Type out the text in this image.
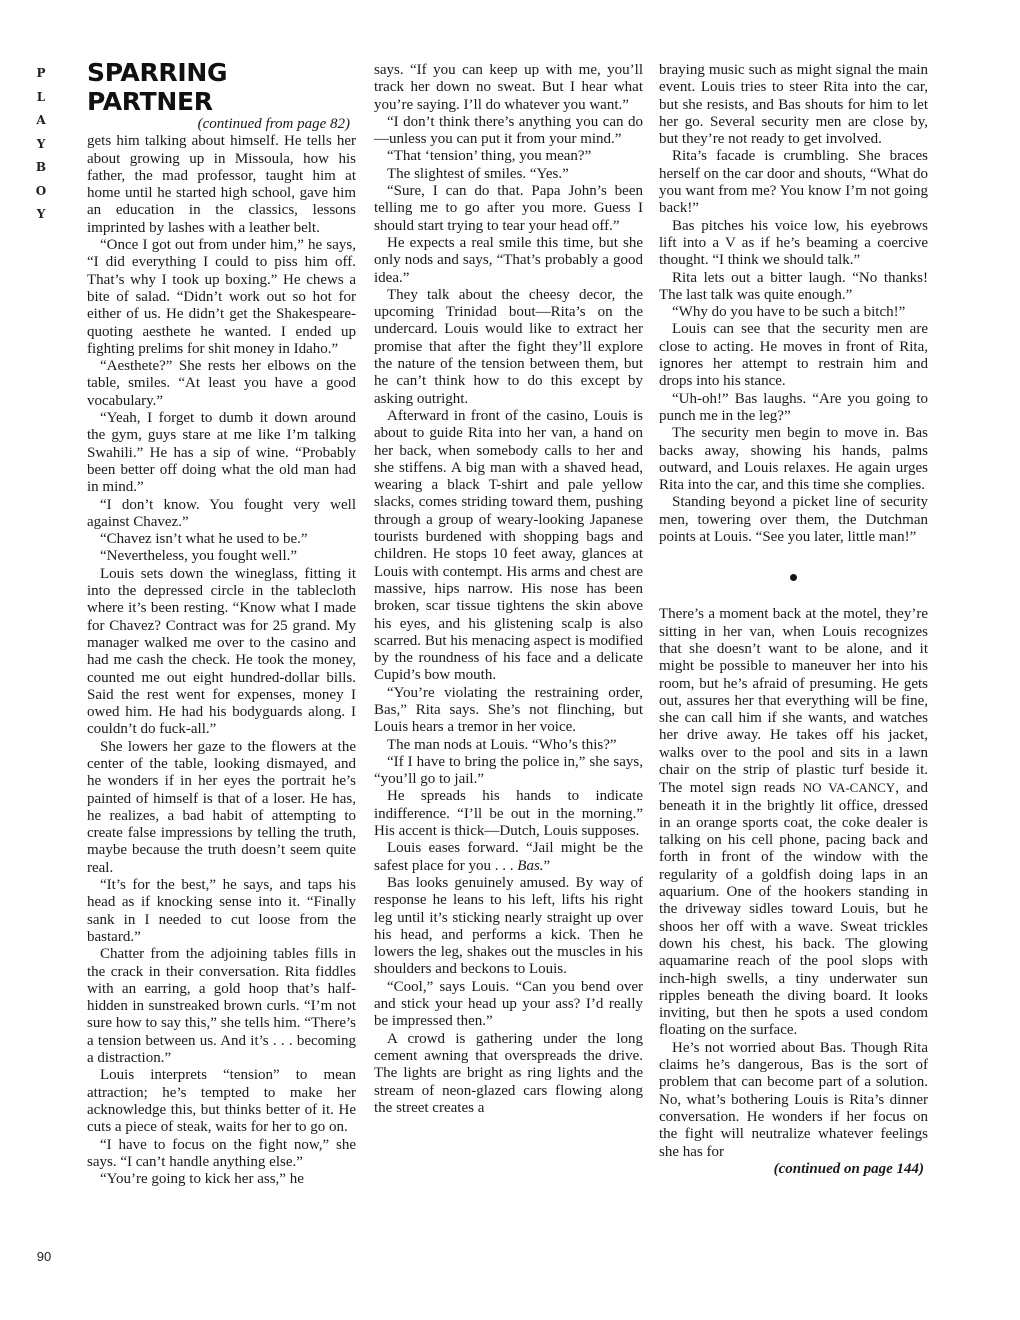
P
L
A
Y
B
O
Y
90
SPARRING PARTNER
(continued from page 82)

gets him talking about himself. He tells her about growing up in Missoula, how his father, the mad professor, taught him at home until he started high school, gave him an education in the classics, lessons imprinted by lashes with a leather belt.

“Once I got out from under him,” he says, “I did everything I could to piss him off. That’s why I took up boxing.” He chews a bite of salad. “Didn’t work out so hot for either of us. He didn’t get the Shakespeare-quoting aesthete he wanted. I ended up fighting prelims for shit money in Idaho.”

“Aesthete?” She rests her elbows on the table, smiles. “At least you have a good vocabulary.”

“Yeah, I forget to dumb it down around the gym, guys stare at me like I’m talking Swahili.” He has a sip of wine. “Probably been better off doing what the old man had in mind.”

“I don’t know. You fought very well against Chavez.”

“Chavez isn’t what he used to be.”

“Nevertheless, you fought well.”

Louis sets down the wineglass, fitting it into the depressed circle in the tablecloth where it’s been resting. “Know what I made for Chavez? Contract was for 25 grand. My manager walked me over to the casino and had me cash the check. He took the money, counted me out eight hundred-dollar bills. Said the rest went for expenses, money I owed him. He had his bodyguards along. I couldn’t do fuck-all.”

She lowers her gaze to the flowers at the center of the table, looking dismayed, and he wonders if in her eyes the portrait he’s painted of himself is that of a loser. He has, he realizes, a bad habit of attempting to create false impressions by telling the truth, maybe because the truth doesn’t seem quite real.

“It’s for the best,” he says, and taps his head as if knocking sense into it. “Finally sank in I needed to cut loose from the bastard.”

Chatter from the adjoining tables fills in the crack in their conversation. Rita fiddles with an earring, a gold hoop that’s half-hidden in sunstreaked brown curls. “I’m not sure how to say this,” she tells him. “There’s a tension between us. And it’s . . . becoming a distraction.”

Louis interprets “tension” to mean attraction; he’s tempted to make her acknowledge this, but thinks better of it. He cuts a piece of steak, waits for her to go on.

“I have to focus on the fight now,” she says. “I can’t handle anything else.”

“You’re going to kick her ass,” he

says. “If you can keep up with me, you’ll track her down no sweat. But I hear what you’re saying. I’ll do whatever you want.”

“I don’t think there’s anything you can do—unless you can put it from your mind.”

“That ‘tension’ thing, you mean?”

The slightest of smiles. “Yes.”

“Sure, I can do that. Papa John’s been telling me to go after you more. Guess I should start trying to tear your head off.”

He expects a real smile this time, but she only nods and says, “That’s probably a good idea.”

They talk about the cheesy decor, the upcoming Trinidad bout—Rita’s on the undercard. Louis would like to extract her promise that after the fight they’ll explore the nature of the tension between them, but he can’t think how to do this except by asking outright.

Afterward in front of the casino, Louis is about to guide Rita into her van, a hand on her back, when somebody calls to her and she stiffens. A big man with a shaved head, wearing a black T-shirt and pale yellow slacks, comes striding toward them, pushing through a group of weary-looking Japanese tourists burdened with shopping bags and children. He stops 10 feet away, glances at Louis with contempt. His arms and chest are massive, hips narrow. His nose has been broken, scar tissue tightens the skin above his eyes, and his glistening scalp is also scarred. But his menacing aspect is modified by the roundness of his face and a delicate Cupid’s bow mouth.

“You’re violating the restraining order, Bas,” Rita says. She’s not flinching, but Louis hears a tremor in her voice.

The man nods at Louis. “Who’s this?”

“If I have to bring the police in,” she says, “you’ll go to jail.”

He spreads his hands to indicate indifference. “I’ll be out in the morning.” His accent is thick—Dutch, Louis supposes.

Louis eases forward. “Jail might be the safest place for you . . . Bas.”

Bas looks genuinely amused. By way of response he leans to his left, lifts his right leg until it’s sticking nearly straight up over his head, and performs a kick. Then he lowers the leg, shakes out the muscles in his shoulders and beckons to Louis.

“Cool,” says Louis. “Can you bend over and stick your head up your ass? I’d really be impressed then.”

A crowd is gathering under the long cement awning that overspreads the drive. The lights are bright as ring lights and the stream of neon-glazed cars flowing along the street creates a

braying music such as might signal the main event. Louis tries to steer Rita into the car, but she resists, and Bas shouts for him to let her go. Several security men are close by, but they’re not ready to get involved.

Rita’s facade is crumbling. She braces herself on the car door and shouts, “What do you want from me? You know I’m not going back!”

Bas pitches his voice low, his eyebrows lift into a V as if he’s beaming a coercive thought. “I think we should talk.”

Rita lets out a bitter laugh. “No thanks! The last talk was quite enough.”

“Why do you have to be such a bitch!”

Louis can see that the security men are close to acting. He moves in front of Rita, ignores her attempt to restrain him and drops into his stance.

“Uh-oh!” Bas laughs. “Are you going to punch me in the leg?”

The security men begin to move in. Bas backs away, showing his hands, palms outward, and Louis relaxes. He again urges Rita into the car, and this time she complies.

Standing beyond a picket line of security men, towering over them, the Dutchman points at Louis. “See you later, little man!”

There’s a moment back at the motel, they’re sitting in her van, when Louis recognizes that she doesn’t want to be alone, and it might be possible to maneuver her into his room, but he’s afraid of presuming. He gets out, assures her that everything will be fine, she can call him if she wants, and watches her drive away. He takes off his jacket, walks over to the pool and sits in a lawn chair on the strip of plastic turf beside it. The motel sign reads NO VA-CANCY, and beneath it in the brightly lit office, dressed in an orange sports coat, the coke dealer is talking on his cell phone, pacing back and forth in front of the window with the regularity of a goldfish doing laps in an aquarium. One of the hookers standing in the driveway sidles toward Louis, but he shoos her off with a wave. Sweat trickles down his chest, his back. The glowing aquamarine reach of the pool slops with inch-high swells, a tiny underwater sun ripples beneath the diving board. It looks inviting, but then he spots a used condom floating on the surface.

He’s not worried about Bas. Though Rita claims he’s dangerous, Bas is the sort of problem that can become part of a solution. No, what’s bothering Louis is Rita’s dinner conversation. He wonders if her focus on the fight will neutralize whatever feelings she has for

(continued on page 144)
